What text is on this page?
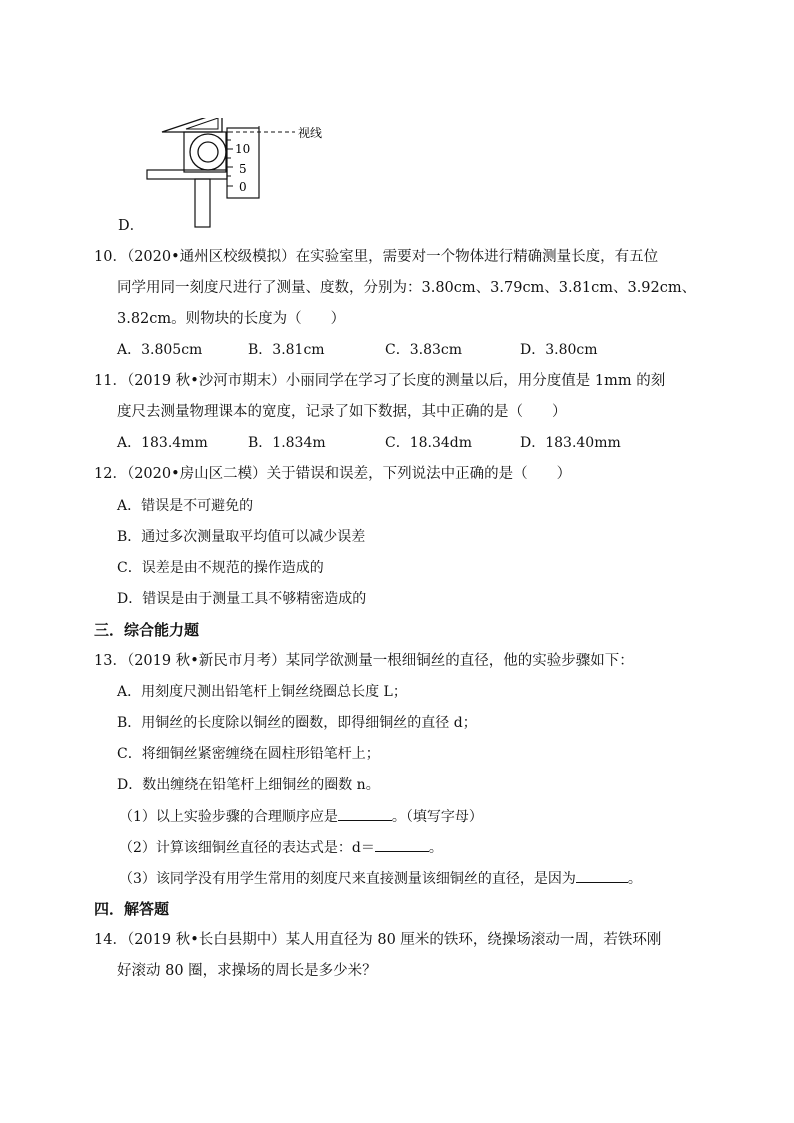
视线
10
5
0
D．
10．（2020•通州区校级模拟）在实验室里，需要对一个物体进行精确测量长度，有五位
同学用同一刻度尺进行了测量、度数，分别为：3.80cm、3.79cm、3.81cm、3.92cm、
3.82cm。则物块的长度为（　　）
A．3.805cm	B．3.81cm	C．3.83cm	D．3.80cm
11．（2019 秋•沙河市期末）小丽同学在学习了长度的测量以后，用分度值是 1mm 的刻
度尺去测量物理课本的宽度，记录了如下数据，其中正确的是（　　）
A．183.4mm	B．1.834m	C．18.34dm	D．183.40mm
12．（2020•房山区二模）关于错误和误差，下列说法中正确的是（　　）
A．错误是不可避免的
B．通过多次测量取平均值可以减少误差
C．误差是由不规范的操作造成的
D．错误是由于测量工具不够精密造成的
三．综合能力题
13．（2019 秋•新民市月考）某同学欲测量一根细铜丝的直径，他的实验步骤如下：
A．用刻度尺测出铅笔杆上铜丝绕圈总长度 L；
B．用铜丝的长度除以铜丝的圈数，即得细铜丝的直径 d；
C．将细铜丝紧密缠绕在圆柱形铅笔杆上；
D．数出缠绕在铅笔杆上细铜丝的圈数 n。
（1）以上实验步骤的合理顺序应是	。（填写字母）
（2）计算该细铜丝直径的表达式是：d＝	。
（3）该同学没有用学生常用的刻度尺来直接测量该细铜丝的直径，是因为	。
四．解答题
14．（2019 秋•长白县期中）某人用直径为 80 厘米的铁环，绕操场滚动一周，若铁环刚
好滚动 80 圈，求操场的周长是多少米？
